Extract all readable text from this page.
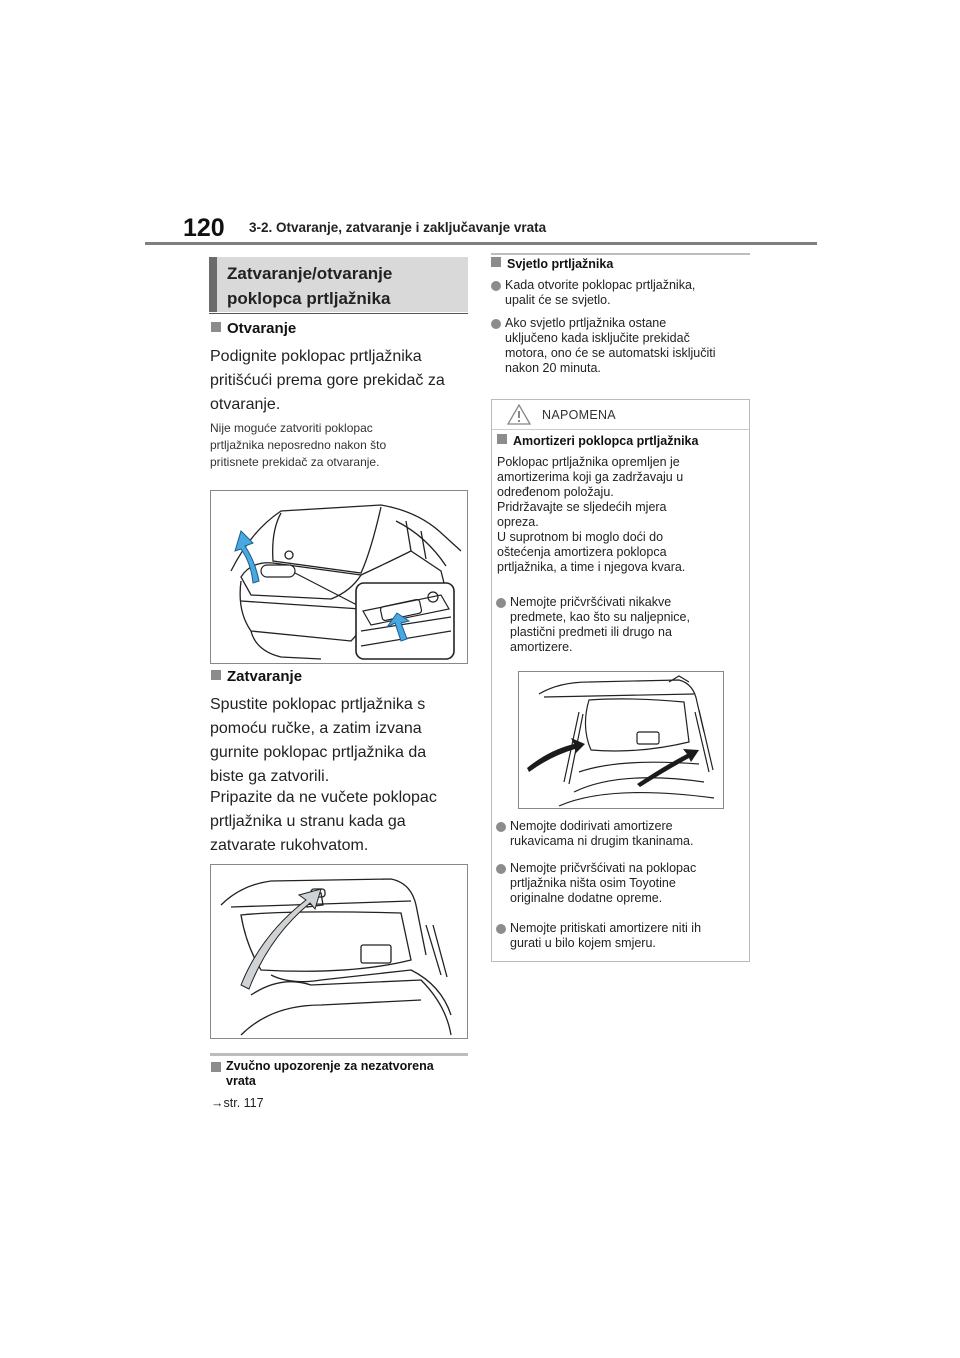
120 3-2. Otvaranje, zatvaranje i zaključavanje vrata
Zatvaranje/otvaranje
poklopca prtljažnika
Otvaranje
Podignite poklopac prtljažnika
pritišćući prema gore prekidač za
otvaranje.
Nije moguće zatvoriti poklopac
prtljažnika neposredno nakon što
pritisnete prekidač za otvaranje.
Zatvaranje
Spustite poklopac prtljažnika s
pomoću ručke, a zatim izvana
gurnite poklopac prtljažnika da
biste ga zatvorili.
Pripazite da ne vučete poklopac
prtljažnika u stranu kada ga
zatvarate rukohvatom.
Zvučno upozorenje za nezatvorena
vrata
→str. 117
Svjetlo prtljažnika
Kada otvorite poklopac prtljažnika,
upalit će se svjetlo.
Ako svjetlo prtljažnika ostane
uključeno kada isključite prekidač
motora, ono će se automatski isključiti
nakon 20 minuta.
NAPOMENA
Amortizeri poklopca prtljažnika
Poklopac prtljažnika opremljen je
amortizerima koji ga zadržavaju u
određenom položaju.
Pridržavajte se sljedećih mjera
opreza.
U suprotnom bi moglo doći do
oštećenja amortizera poklopca
prtljažnika, a time i njegova kvara.
Nemojte pričvršćivati nikakve
predmete, kao što su naljepnice,
plastični predmeti ili drugo na
amortizere.
Nemojte dodirivati amortizere
rukavicama ni drugim tkaninama.
Nemojte pričvršćivati na poklopac
prtljažnika ništa osim Toyotine
originalne dodatne opreme.
Nemojte pritiskati amortizere niti ih
gurati u bilo kojem smjeru.
